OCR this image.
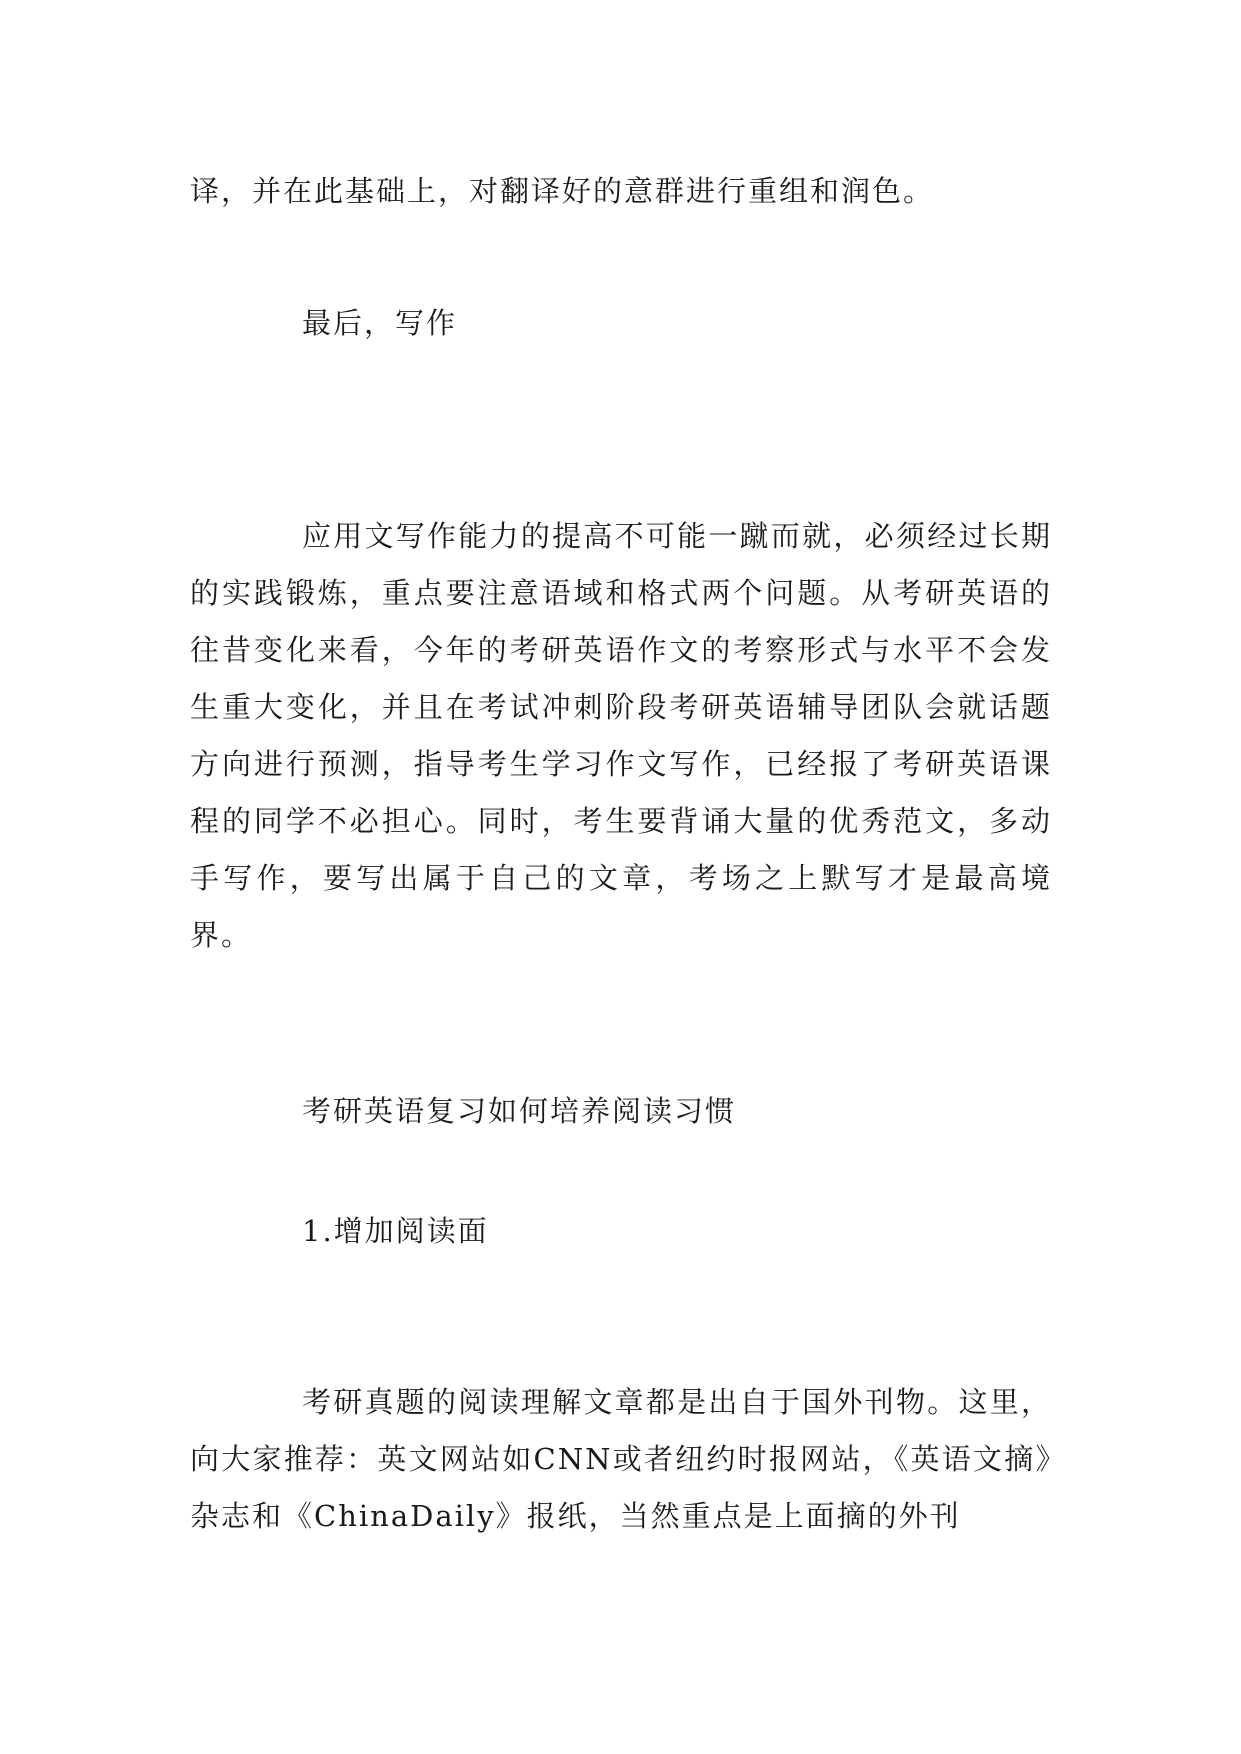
译，并在此基础上，对翻译好的意群进行重组和润色。
最后，写作
应用文写作能力的提高不可能一蹴而就，必须经过长期的实践锻炼，重点要注意语域和格式两个问题。从考研英语的往昔变化来看，今年的考研英语作文的考察形式与水平不会发生重大变化，并且在考试冲刺阶段考研英语辅导团队会就话题方向进行预测，指导考生学习作文写作，已经报了考研英语课程的同学不必担心。同时，考生要背诵大量的优秀范文，多动手写作，要写出属于自己的文章，考场之上默写才是最高境界。
考研英语复习如何培养阅读习惯
1.增加阅读面
考研真题的阅读理解文章都是出自于国外刊物。这里，向大家推荐：英文网站如CNN或者纽约时报网站，《英语文摘》杂志和《ChinaDaily》报纸，当然重点是上面摘的外刊
